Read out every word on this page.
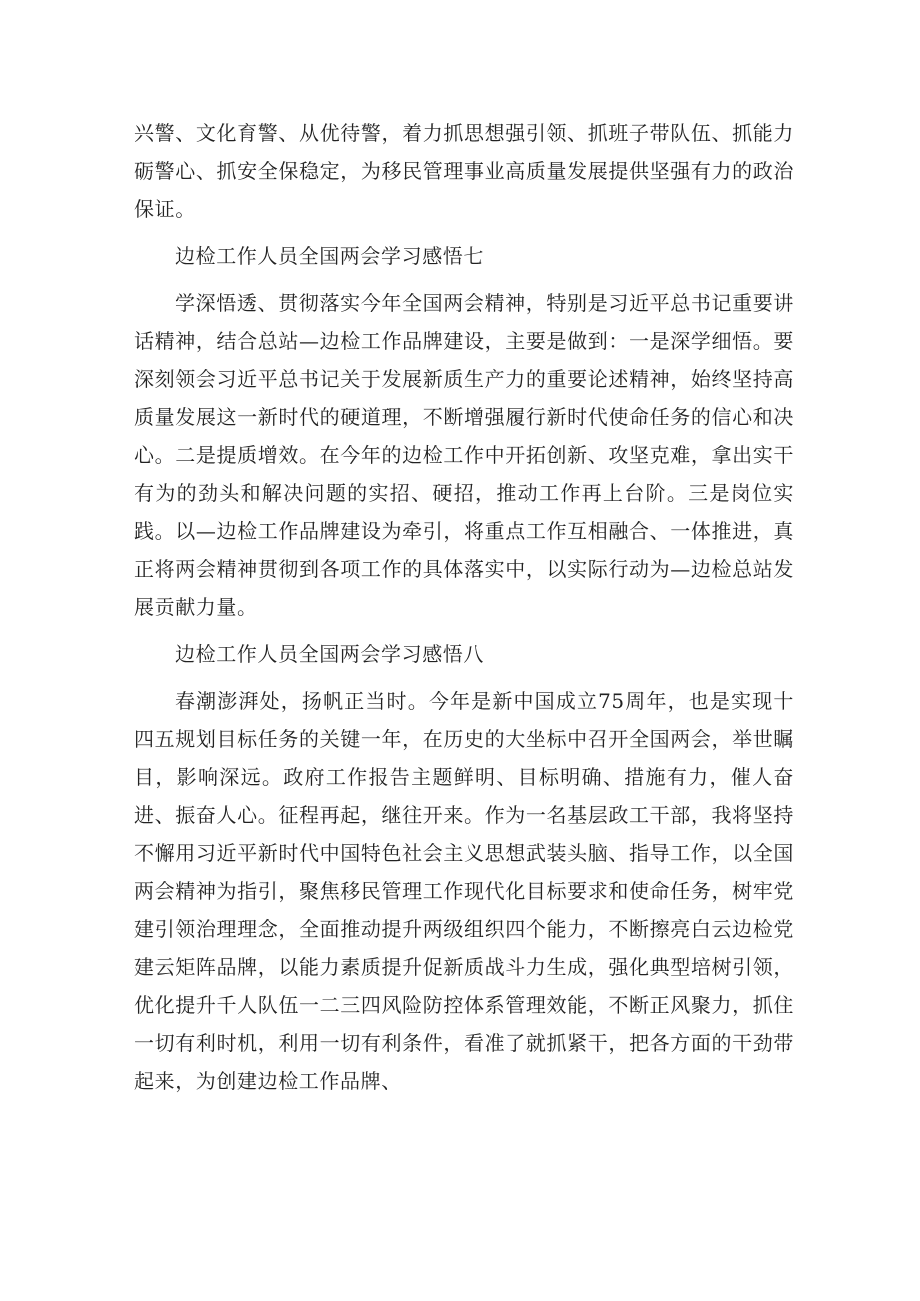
兴警、文化育警、从优待警，着力抓思想强引领、抓班子带队伍、抓能力砺警心、抓安全保稳定，为移民管理事业高质量发展提供坚强有力的政治保证。

边检工作人员全国两会学习感悟七

学深悟透、贯彻落实今年全国两会精神，特别是习近平总书记重要讲话精神，结合总站—边检工作品牌建设，主要是做到：一是深学细悟。要深刻领会习近平总书记关于发展新质生产力的重要论述精神，始终坚持高质量发展这一新时代的硬道理，不断增强履行新时代使命任务的信心和决心。二是提质增效。在今年的边检工作中开拓创新、攻坚克难，拿出实干有为的劲头和解决问题的实招、硬招，推动工作再上台阶。三是岗位实践。以—边检工作品牌建设为牵引，将重点工作互相融合、一体推进，真正将两会精神贯彻到各项工作的具体落实中，以实际行动为—边检总站发展贡献力量。

边检工作人员全国两会学习感悟八

春潮澎湃处，扬帆正当时。今年是新中国成立75周年，也是实现十四五规划目标任务的关键一年，在历史的大坐标中召开全国两会，举世瞩目，影响深远。政府工作报告主题鲜明、目标明确、措施有力，催人奋进、振奋人心。征程再起，继往开来。作为一名基层政工干部，我将坚持不懈用习近平新时代中国特色社会主义思想武装头脑、指导工作，以全国两会精神为指引，聚焦移民管理工作现代化目标要求和使命任务，树牢党建引领治理理念，全面推动提升两级组织四个能力，不断擦亮白云边检党建云矩阵品牌，以能力素质提升促新质战斗力生成，强化典型培树引领，优化提升千人队伍一二三四风险防控体系管理效能，不断正风聚力，抓住一切有利时机，利用一切有利条件，看准了就抓紧干，把各方面的干劲带起来，为创建边检工作品牌、
